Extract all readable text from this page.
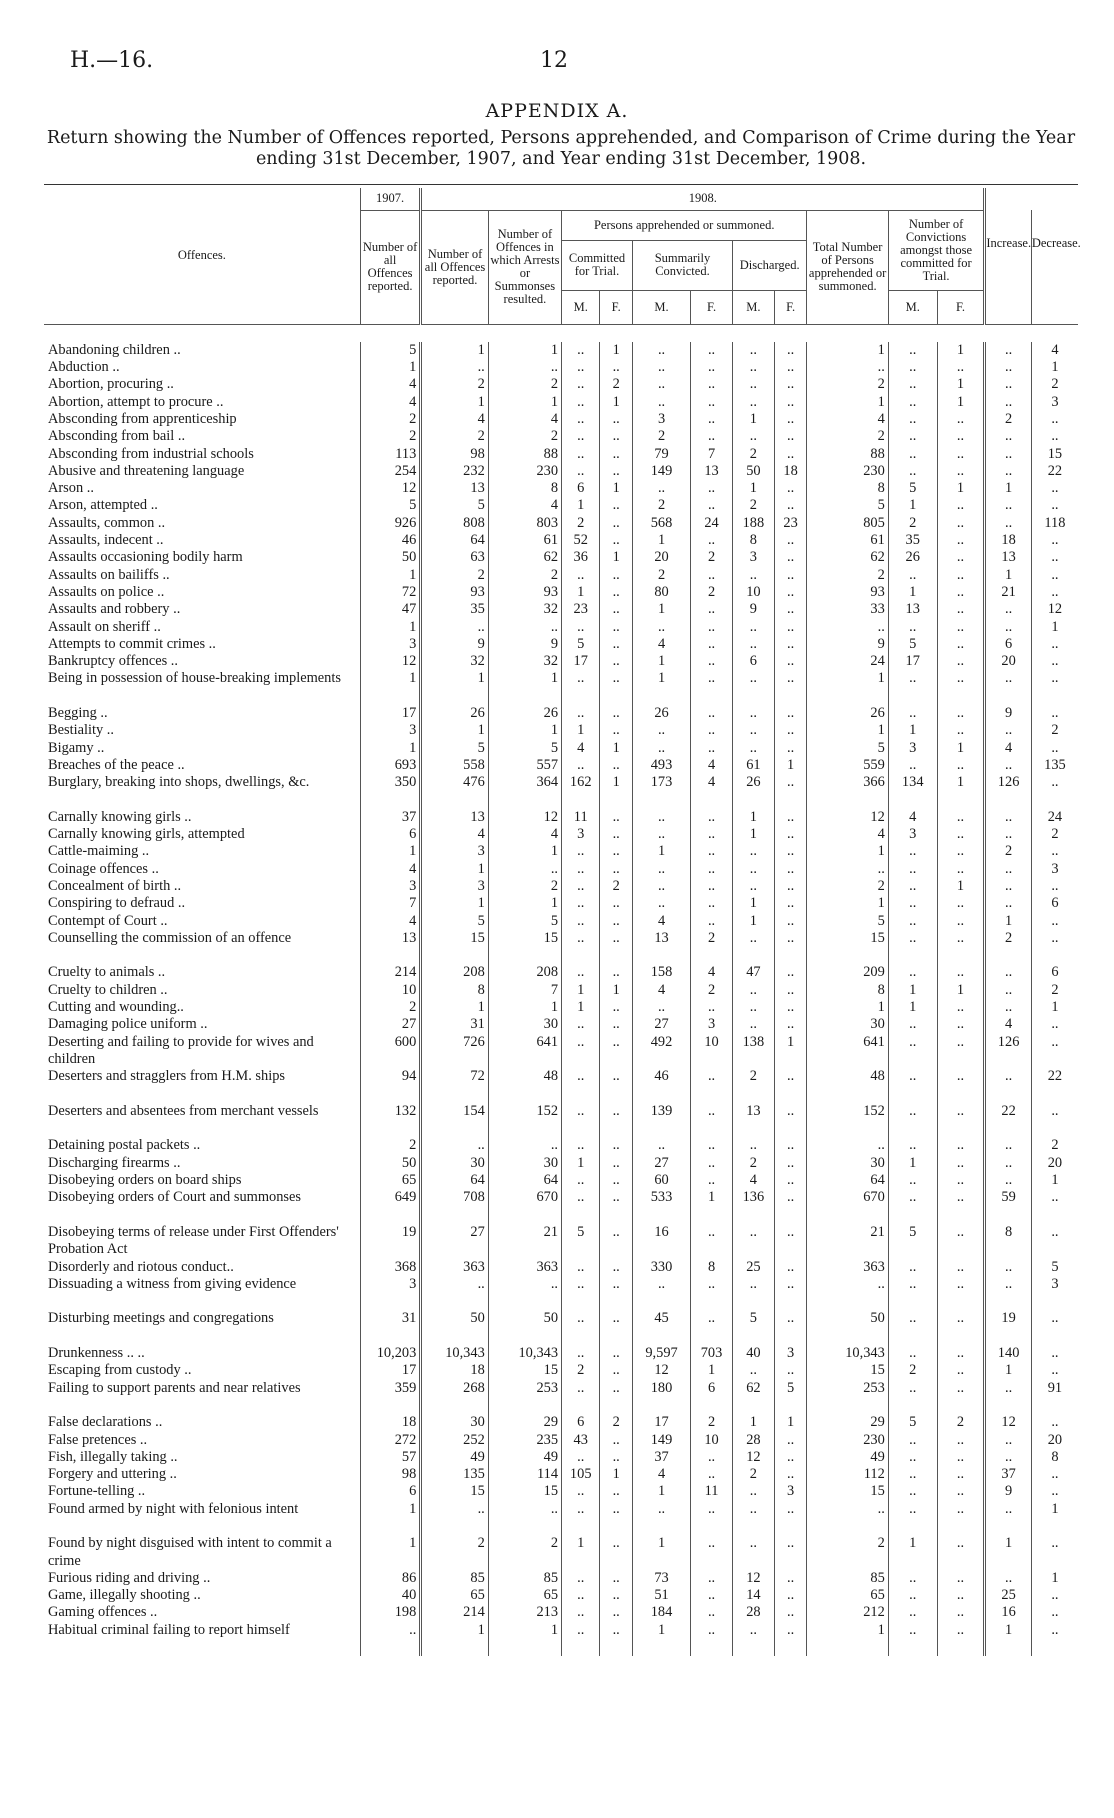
H.—16.	12
APPENDIX A.
Return showing the Number of Offences reported, Persons apprehended, and Comparison of Crime during the Year ending 31st December, 1907, and Year ending 31st December, 1908.
Offences.	1907.	1908.												

	Number of all Offences reported.	Number of all Offences reported.	Number of Offences in which Arrests or Summonses resulted.	Persons apprehended or summoned.						Total Number of Persons apprehended or summoned.	Number of Convictions amongst those committed for Trial.		Increase.	Decrease.

				Committed for Trial.		Summarily Convicted.		Discharged.						
				M.	F.	M.	F.	M.	F.		M.	F.		

Abandoning children ..	5	1	1	..	1	..	..	..	..	1	..	1	..	4
Abduction ..	1	..	..	..	..	..	..	..	..	..	..	..	..	1
Abortion, procuring ..	4	2	2	..	2	..	..	..	..	2	..	1	..	2
Abortion, attempt to procure ..	4	1	1	..	1	..	..	..	..	1	..	1	..	3
Absconding from apprenticeship	2	4	4	..	..	3	..	1	..	4	..	..	2	..
Absconding from bail ..	2	2	2	..	..	2	..	..	..	2	..	..	..	..
Absconding from industrial schools	113	98	88	..	..	79	7	2	..	88	..	..	..	15
Abusive and threatening language	254	232	230	..	..	149	13	50	18	230	..	..	..	22
Arson ..	12	13	8	6	1	..	..	1	..	8	5	1	1	..
Arson, attempted ..	5	5	4	1	..	2	..	2	..	5	1	..	..	..
Assaults, common ..	926	808	803	2	..	568	24	188	23	805	2	..	..	118
Assaults, indecent ..	46	64	61	52	..	1	..	8	..	61	35	..	18	..
Assaults occasioning bodily harm	50	63	62	36	1	20	2	3	..	62	26	..	13	..
Assaults on bailiffs ..	1	2	2	..	..	2	..	..	..	2	..	..	1	..
Assaults on police ..	72	93	93	1	..	80	2	10	..	93	1	..	21	..
Assaults and robbery ..	47	35	32	23	..	1	..	9	..	33	13	..	..	12
Assault on sheriff ..	1	..	..	..	..	..	..	..	..	..	..	..	..	1
Attempts to commit crimes ..	3	9	9	5	..	4	..	..	..	9	5	..	6	..
Bankruptcy offences ..	12	32	32	17	..	1	..	6	..	24	17	..	20	..
Being in possession of house-breaking implements	1	1	1	..	..	1	..	..	..	1	..	..	..	..
Begging ..	17	26	26	..	..	26	..	..	..	26	..	..	9	..
Bestiality ..	3	1	1	1	..	..	..	..	..	1	1	..	..	2
Bigamy ..	1	5	5	4	1	..	..	..	..	5	3	1	4	..
Breaches of the peace ..	693	558	557	..	..	493	4	61	1	559	..	..	..	135
Burglary, breaking into shops, dwellings, &c.	350	476	364	162	1	173	4	26	..	366	134	1	126	..
Carnally knowing girls ..	37	13	12	11	..	..	..	1	..	12	4	..	..	24
Carnally knowing girls, attempted	6	4	4	3	..	..	..	1	..	4	3	..	..	2
Cattle-maiming ..	1	3	1	..	..	1	..	..	..	1	..	..	2	..
Coinage offences ..	4	1	..	..	..	..	..	..	..	..	..	..	..	3
Concealment of birth ..	3	3	2	..	2	..	..	..	..	2	..	1	..	..
Conspiring to defraud ..	7	1	1	..	..	..	..	1	..	1	..	..	..	6
Contempt of Court ..	4	5	5	..	..	4	..	1	..	5	..	..	1	..
Counselling the commission of an offence	13	15	15	..	..	13	2	..	..	15	..	..	2	..
Cruelty to animals ..	214	208	208	..	..	158	4	47	..	209	..	..	..	6
Cruelty to children ..	10	8	7	1	1	4	2	..	..	8	1	1	..	2
Cutting and wounding..	2	1	1	1	..	..	..	..	..	1	1	..	..	1
Damaging police uniform ..	27	31	30	..	..	27	3	..	..	30	..	..	4	..
Deserting and failing to provide for wives and children	600	726	641	..	..	492	10	138	1	641	..	..	126	..
Deserters and stragglers from H.M. ships	94	72	48	..	..	46	..	2	..	48	..	..	..	22
Deserters and absentees from merchant vessels	132	154	152	..	..	139	..	13	..	152	..	..	22	..
Detaining postal packets ..	2	..	..	..	..	..	..	..	..	..	..	..	..	2
Discharging firearms ..	50	30	30	1	..	27	..	2	..	30	1	..	..	20
Disobeying orders on board ships	65	64	64	..	..	60	..	4	..	64	..	..	..	1
Disobeying orders of Court and summonses	649	708	670	..	..	533	1	136	..	670	..	..	59	..
Disobeying terms of release under First Offenders' Probation Act	19	27	21	5	..	16	..	..	..	21	5	..	8	..
Disorderly and riotous conduct..	368	363	363	..	..	330	8	25	..	363	..	..	..	5
Dissuading a witness from giving evidence	3	..	..	..	..	..	..	..	..	..	..	..	..	3
Disturbing meetings and congregations	31	50	50	..	..	45	..	5	..	50	..	..	19	..
Drunkenness .. ..	10,203	10,343	10,343	..	..	9,597	703	40	3	10,343	..	..	140	..
Escaping from custody ..	17	18	15	2	..	12	1	..	..	15	2	..	1	..
Failing to support parents and near relatives	359	268	253	..	..	180	6	62	5	253	..	..	..	91
False declarations ..	18	30	29	6	2	17	2	1	1	29	5	2	12	..
False pretences ..	272	252	235	43	..	149	10	28	..	230	..	..	..	20
Fish, illegally taking ..	57	49	49	..	..	37	..	12	..	49	..	..	..	8
Forgery and uttering ..	98	135	114	105	1	4	..	2	..	112	..	..	37	..
Fortune-telling ..	6	15	15	..	..	1	11	..	3	15	..	..	9	..
Found armed by night with felonious intent	1	..	..	..	..	..	..	..	..	..	..	..	..	1
Found by night disguised with intent to commit a crime	1	2	2	1	..	1	..	..	..	2	1	..	1	..
Furious riding and driving ..	86	85	85	..	..	73	..	12	..	85	..	..	..	1
Game, illegally shooting ..	40	65	65	..	..	51	..	14	..	65	..	..	25	..
Gaming offences ..	198	214	213	..	..	184	..	28	..	212	..	..	16	..
Habitual criminal failing to report himself	..	1	1	..	..	1	..	..	..	1	..	..	1	..
